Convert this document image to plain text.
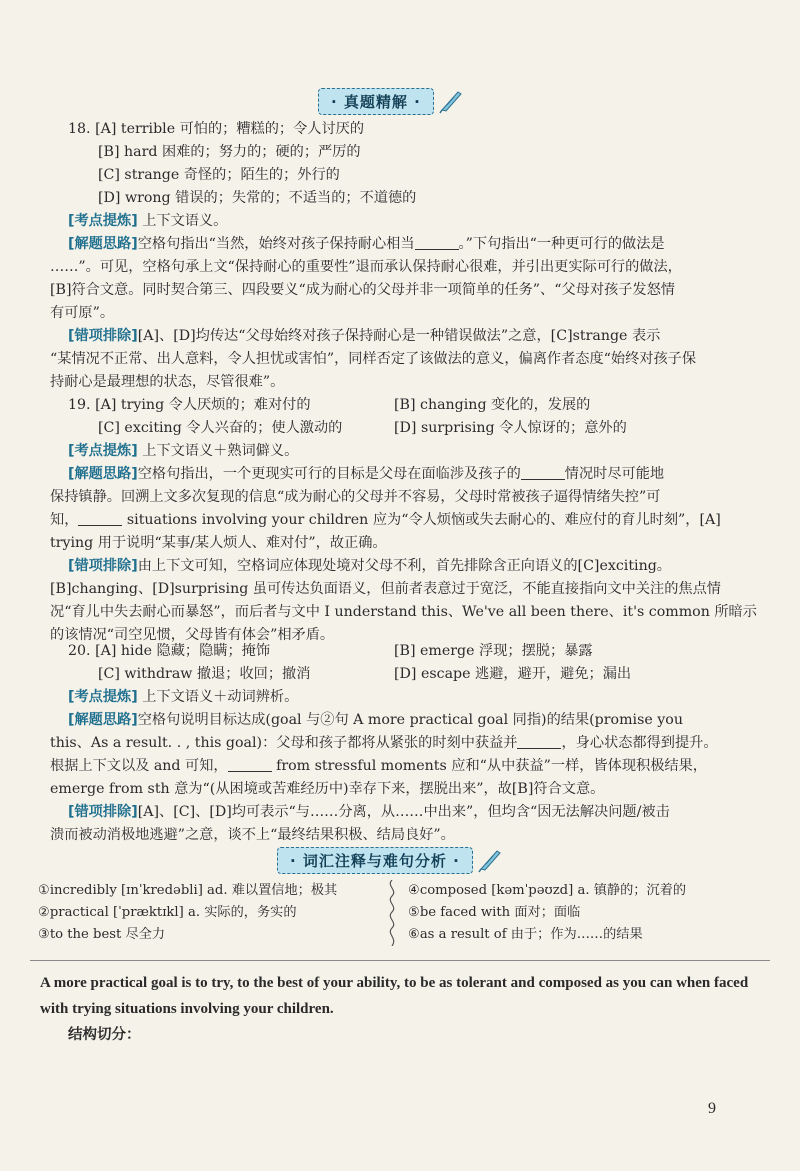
· 真题精解 ·
18. [A] terrible 可怕的；糟糕的；令人讨厌的
[B] hard 困难的；努力的；硬的；严厉的
[C] strange 奇怪的；陌生的；外行的
[D] wrong 错误的；失常的；不适当的；不道德的
[考点提炼] 上下文语义。
[解题思路]空格句指出“当然，始终对孩子保持耐心相当	。”下句指出“一种更可行的做法是
……”。可见，空格句承上文“保持耐心的重要性”退而承认保持耐心很难，并引出更实际可行的做法，
[B]符合文意。同时契合第三、四段要义“成为耐心的父母并非一项简单的任务”、“父母对孩子发怒情
有可原”。
[错项排除][A]、[D]均传达“父母始终对孩子保持耐心是一种错误做法”之意，[C]strange 表示
“某情况不正常、出人意料，令人担忧或害怕”，同样否定了该做法的意义，偏离作者态度“始终对孩子保
持耐心是最理想的状态，尽管很难”。
19. [A] trying 令人厌烦的；难对付的	[B] changing 变化的，发展的
[C] exciting 令人兴奋的；使人激动的	[D] surprising 令人惊讶的；意外的
[考点提炼] 上下文语义＋熟词僻义。
[解题思路]空格句指出，一个更现实可行的目标是父母在面临涉及孩子的	情况时尽可能地
保持镇静。回溯上文多次复现的信息“成为耐心的父母并不容易，父母时常被孩子逼得情绪失控”可
知，	situations involving your children 应为“令人烦恼或失去耐心的、难应付的育儿时刻”，[A]
trying 用于说明“某事/某人烦人、难对付”，故正确。
[错项排除]由上下文可知，空格词应体现处境对父母不利，首先排除含正向语义的[C]exciting。
[B]changing、[D]surprising 虽可传达负面语义，但前者表意过于宽泛，不能直接指向文中关注的焦点情
况“育儿中失去耐心而暴怒”，而后者与文中 I understand this、We've all been there、it's common 所暗示
的该情况“司空见惯，父母皆有体会”相矛盾。
20. [A] hide 隐藏；隐瞒；掩饰	[B] emerge 浮现；摆脱；暴露
[C] withdraw 撤退；收回；撤消	[D] escape 逃避，避开，避免；漏出
[考点提炼] 上下文语义＋动词辨析。
[解题思路]空格句说明目标达成(goal 与②句 A more practical goal 同指)的结果(promise you
this、As a result. . , this goal)：父母和孩子都将从紧张的时刻中获益并	，身心状态都得到提升。
根据上下文以及 and 可知，	from stressful moments 应和“从中获益”一样，皆体现积极结果，
emerge from sth 意为“(从困境或苦难经历中)幸存下来，摆脱出来”，故[B]符合文意。
[错项排除][A]、[C]、[D]均可表示“与……分离，从……中出来”，但均含“因无法解决问题/被击
溃而被动消极地逃避”之意，谈不上“最终结果积极、结局良好”。
· 词汇注释与难句分析 ·
①incredibly [ɪnˈkredəbli] ad. 难以置信地；极其
②practical [ˈpræktɪkl] a. 实际的，务实的
③to the best 尽全力
④composed [kəmˈpəʊzd] a. 镇静的；沉着的
⑤be faced with 面对；面临
⑥as a result of 由于；作为……的结果
A more practical goal is to try, to the best of your ability, to be as tolerant and composed as you can when faced with trying situations involving your children.
结构切分：
9
